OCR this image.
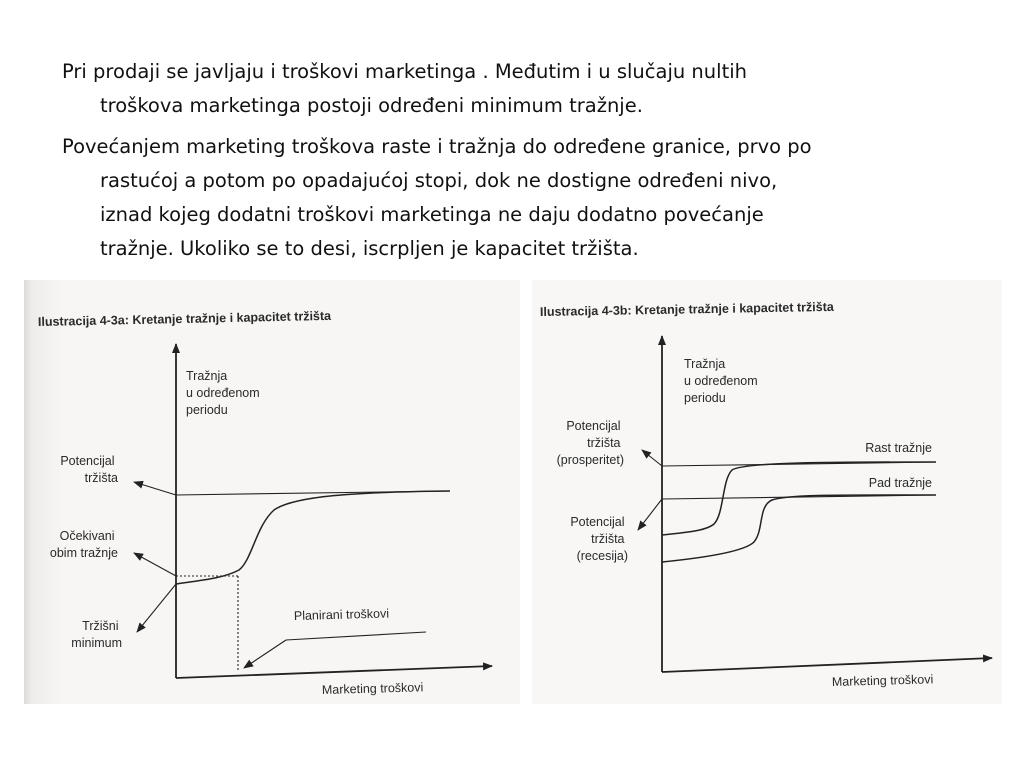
Pri prodaji se javljaju i troškovi marketinga . Međutim i u slučaju nultih
troškova marketinga postoji određeni minimum tražnje.
Povećanjem marketing troškova raste i tražnja do određene granice, prvo po
rastućoj a potom po opadajućoj stopi, dok ne dostigne određeni nivo,
iznad kojeg dodatni troškovi marketinga ne daju dodatno povećanje
tražnje. Ukoliko se to desi, iscrpljen je kapacitet tržišta.
Ilustracija 4-3a: Kretanje tražnje i kapacitet tržišta
Tražnja u određenom periodu
Marketing troškovi
Potencijal tržišta
Očekivani obim tražnje
Tržišni minimum
Planirani troškovi
Ilustracija 4-3b: Kretanje tražnje i kapacitet tržišta
Tražnja u određenom periodu
Marketing troškovi
Rast tražnje
Pad tražnje
Potencijal tržišta (prosperitet)
Potencijal tržišta (recesija)
